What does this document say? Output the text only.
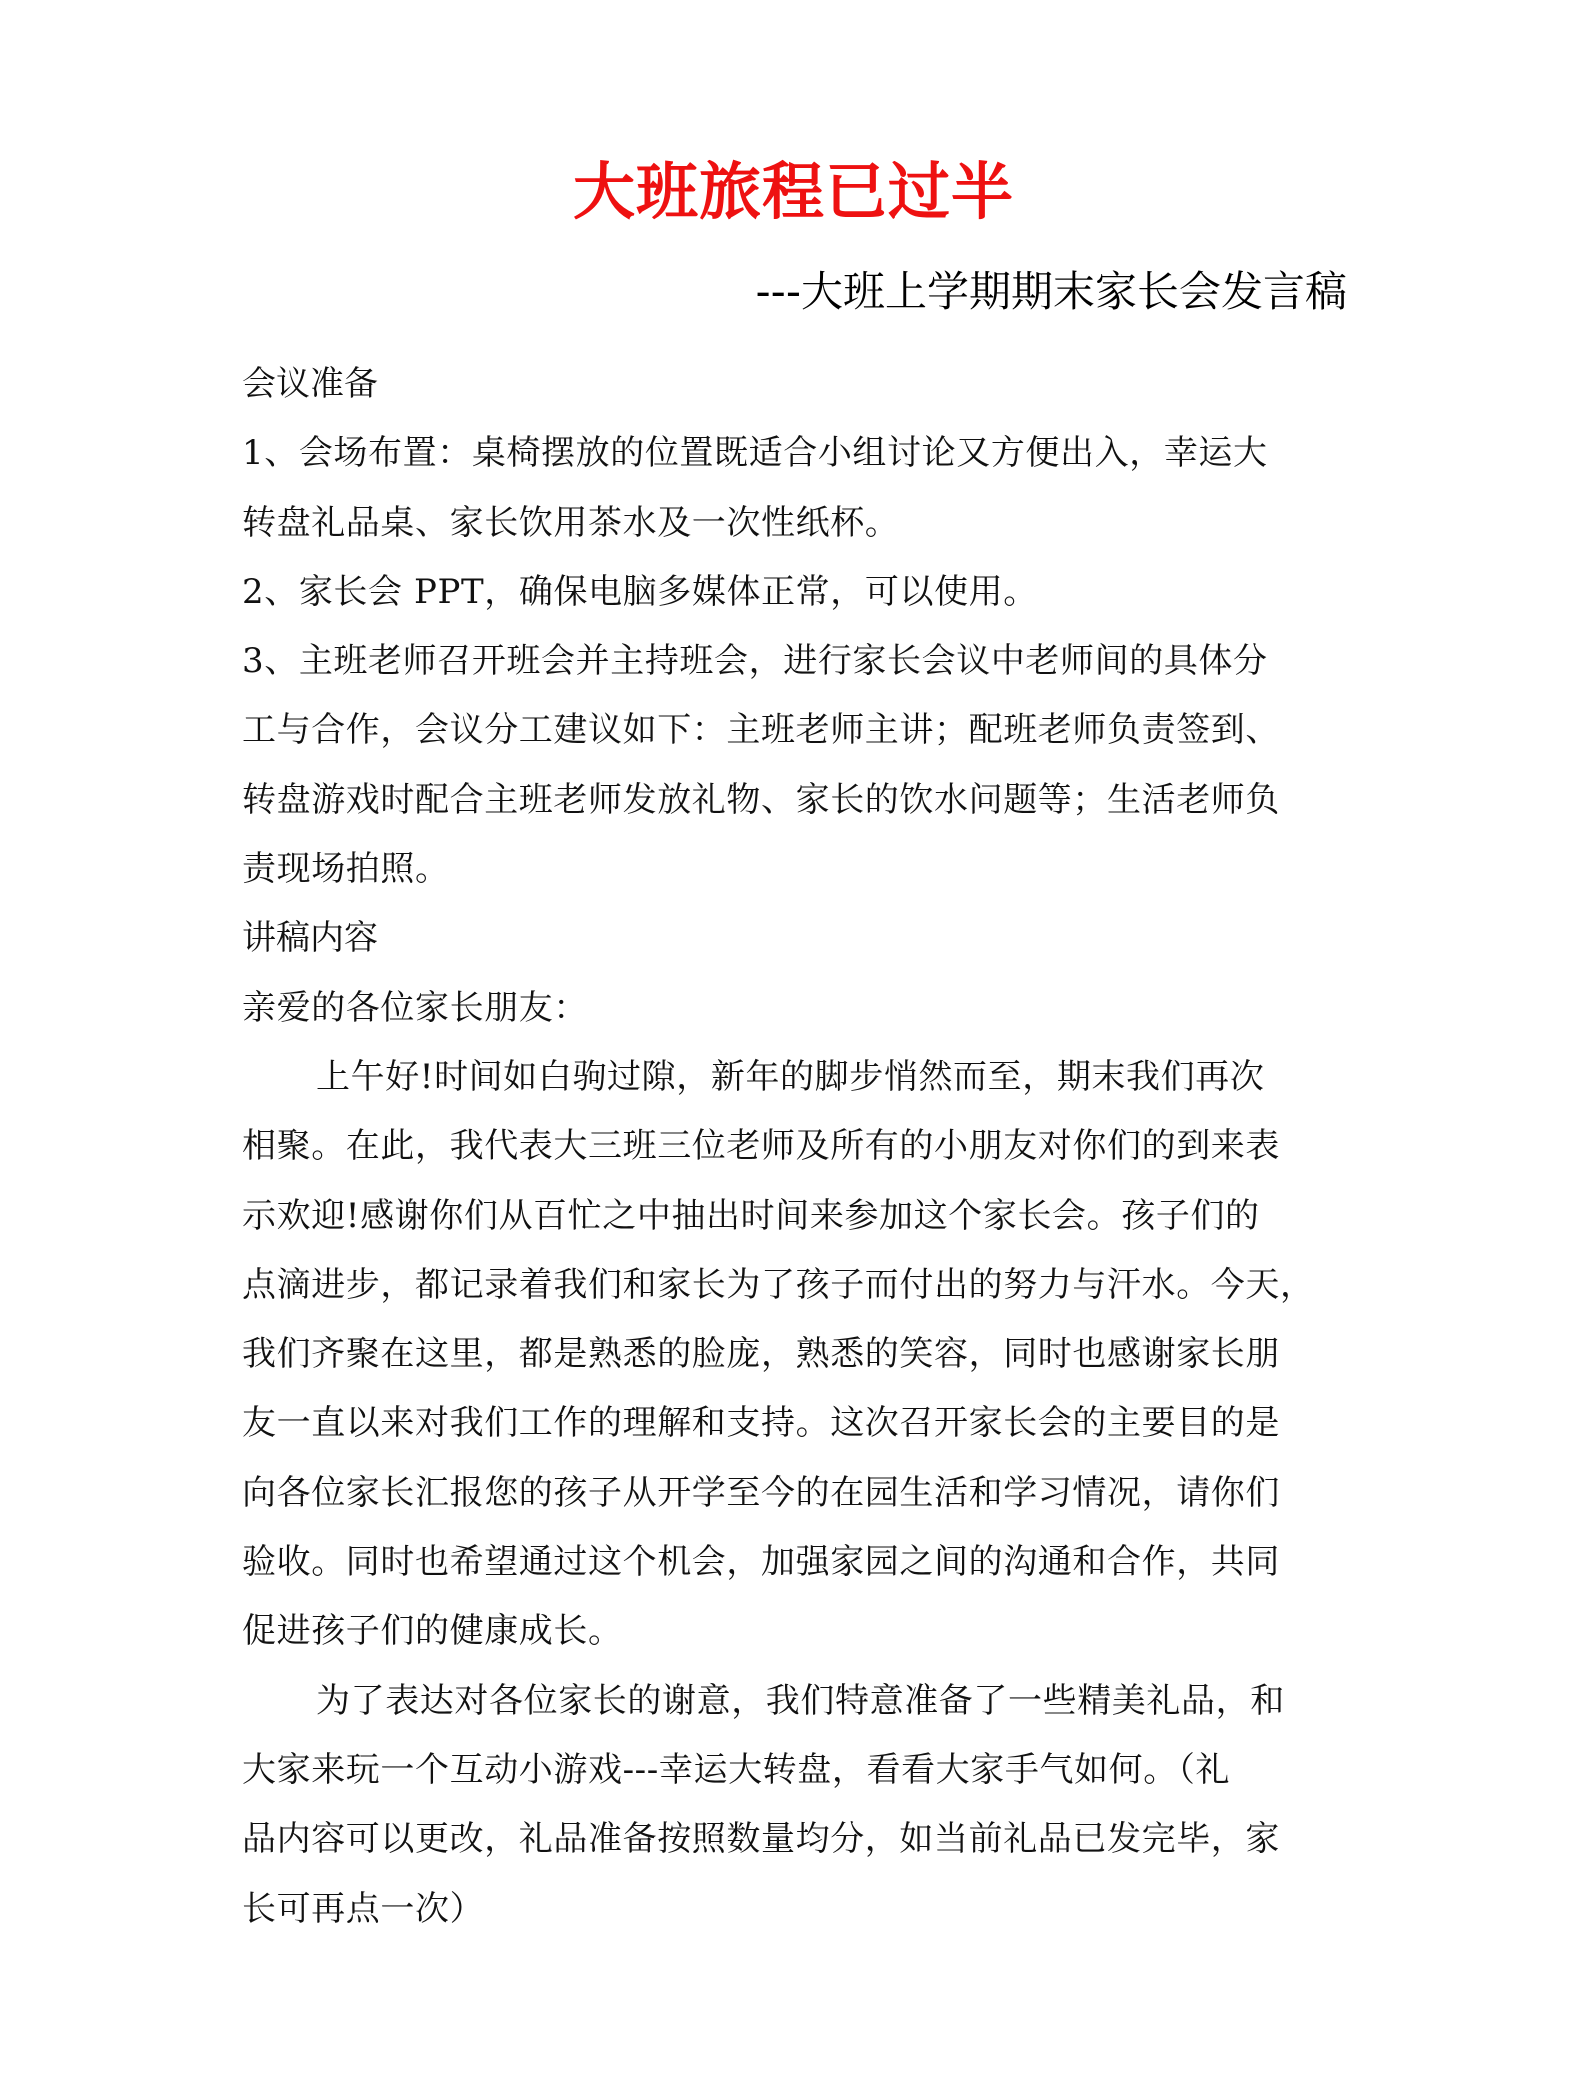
大班旅程已过半
---大班上学期期末家长会发言稿
会议准备
1、会场布置：桌椅摆放的位置既适合小组讨论又方便出入，幸运大
转盘礼品桌、家长饮用茶水及一次性纸杯。
2、家长会 PPT，确保电脑多媒体正常，可以使用。
3、主班老师召开班会并主持班会，进行家长会议中老师间的具体分
工与合作，会议分工建议如下：主班老师主讲；配班老师负责签到、
转盘游戏时配合主班老师发放礼物、家长的饮水问题等；生活老师负
责现场拍照。
讲稿内容
亲爱的各位家长朋友：
上午好!时间如白驹过隙，新年的脚步悄然而至，期末我们再次
相聚。在此，我代表大三班三位老师及所有的小朋友对你们的到来表
示欢迎!感谢你们从百忙之中抽出时间来参加这个家长会。孩子们的
点滴进步，都记录着我们和家长为了孩子而付出的努力与汗水。今天，
我们齐聚在这里，都是熟悉的脸庞，熟悉的笑容，同时也感谢家长朋
友一直以来对我们工作的理解和支持。这次召开家长会的主要目的是
向各位家长汇报您的孩子从开学至今的在园生活和学习情况，请你们
验收。同时也希望通过这个机会，加强家园之间的沟通和合作，共同
促进孩子们的健康成长。
为了表达对各位家长的谢意，我们特意准备了一些精美礼品，和
大家来玩一个互动小游戏---幸运大转盘，看看大家手气如何。（礼
品内容可以更改，礼品准备按照数量均分，如当前礼品已发完毕，家
长可再点一次）
